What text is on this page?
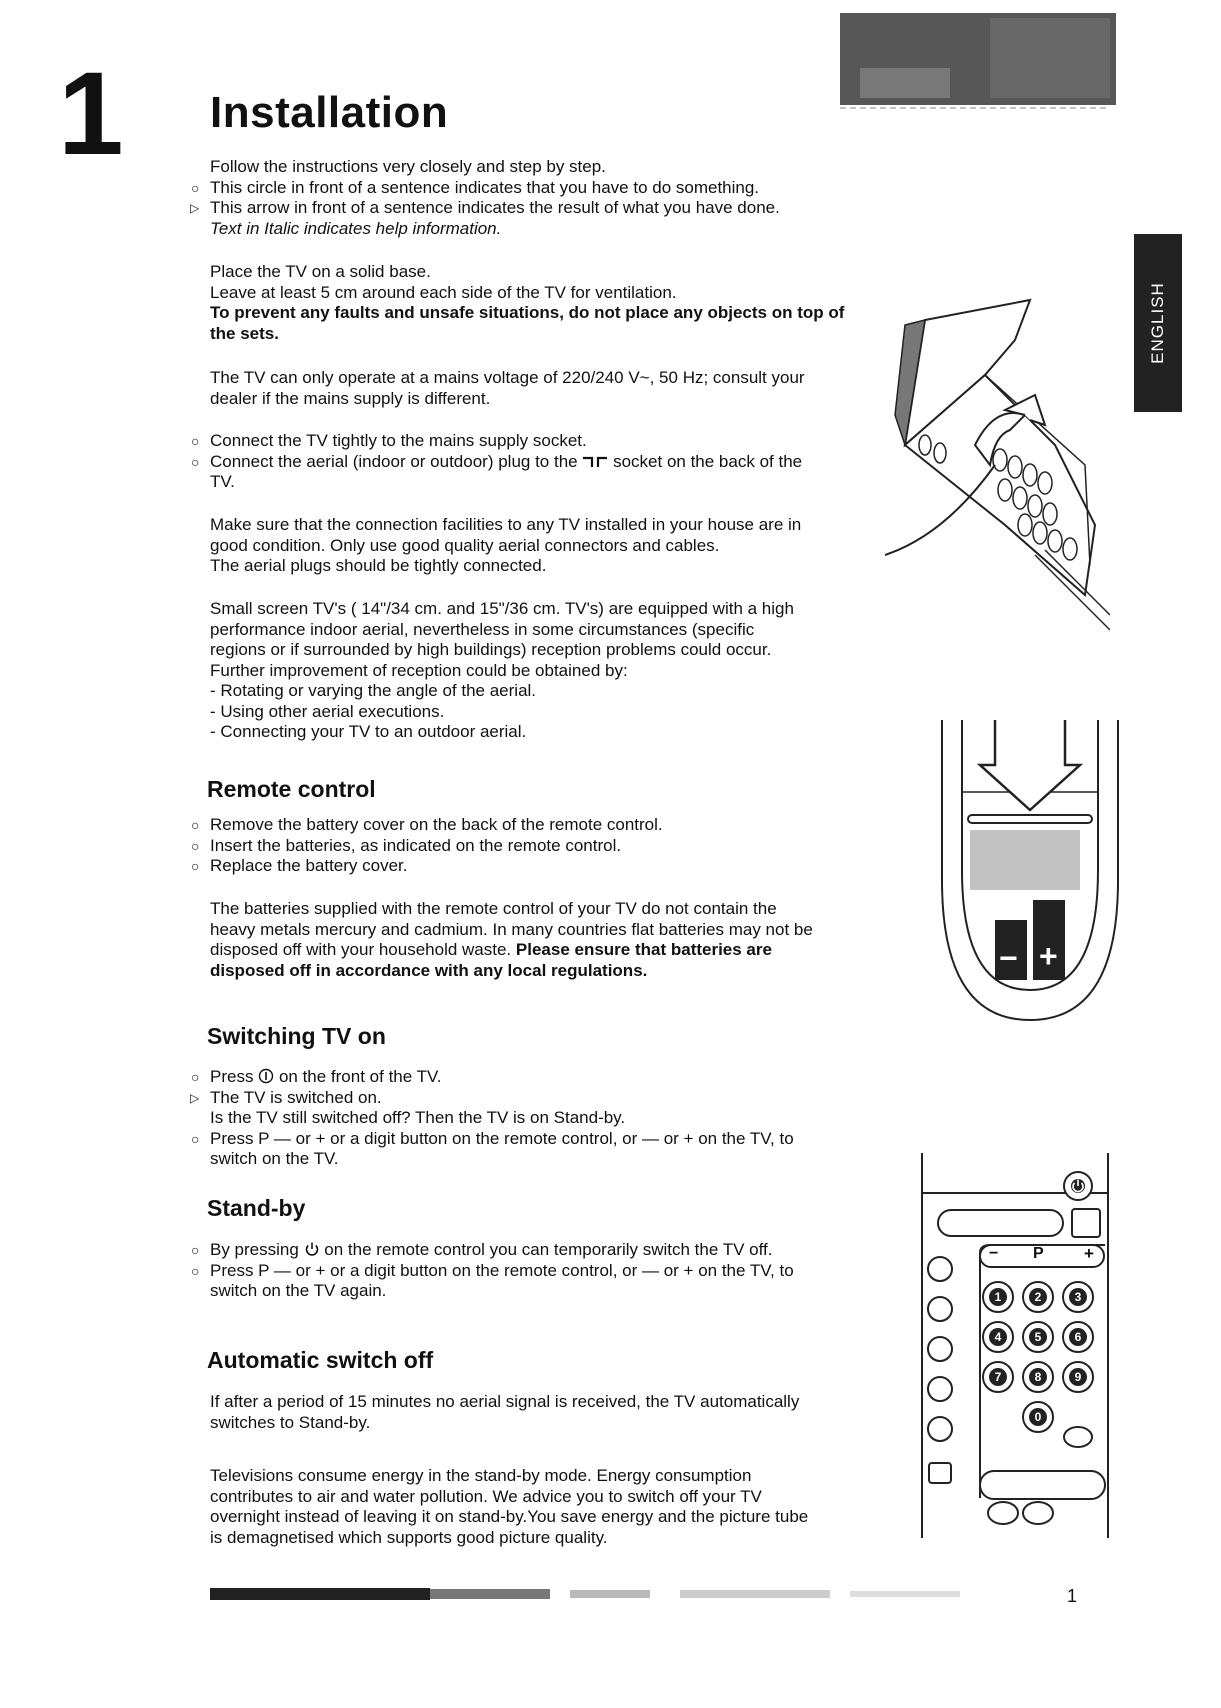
1 Installation
ENGLISH

Follow the instructions very closely and step by step.

○ This circle in front of a sentence indicates that you have to do something.

▷ This arrow in front of a sentence indicates the result of what you have done.

Text in Italic indicates help information.

Place the TV on a solid base.

Leave at least 5 cm around each side of the TV for ventilation.

To prevent any faults and unsafe situations, do not place any objects on top of

the sets.

The TV can only operate at a mains voltage of 220/240 V~, 50 Hz; consult your

dealer if the mains supply is different.

○ Connect the TV tightly to the mains supply socket.

○ Connect the aerial (indoor or outdoor) plug to the socket on the back of the

TV.

Make sure that the connection facilities to any TV installed in your house are in

good condition. Only use good quality aerial connectors and cables.

The aerial plugs should be tightly connected.

Small screen TV's ( 14"/34 cm. and 15"/36 cm. TV's) are equipped with a high

performance indoor aerial, nevertheless in some circumstances (specific

regions or if surrounded by high buildings) reception problems could occur.

Further improvement of reception could be obtained by:

- Rotating or varying the angle of the aerial.

- Using other aerial executions.

- Connecting your TV to an outdoor aerial.

Remote control

○ Remove the battery cover on the back of the remote control.

○ Insert the batteries, as indicated on the remote control.

○ Replace the battery cover.

The batteries supplied with the remote control of your TV do not contain the

heavy metals mercury and cadmium. In many countries flat batteries may not be

disposed off with your household waste. Please ensure that batteries are

disposed off in accordance with any local regulations.

Switching TV on

○ Press on the front of the TV.

▷ The TV is switched on.

Is the TV still switched off? Then the TV is on Stand-by.

○ Press P — or + or a digit button on the remote control, or — or + on the TV, to

switch on the TV.

Stand-by

○ By pressing on the remote control you can temporarily switch the TV off.

○ Press P — or + or a digit button on the remote control, or — or + on the TV, to

switch on the TV again.

Automatic switch off

If after a period of 15 minutes no aerial signal is received, the TV automatically

switches to Stand-by.

Televisions consume energy in the stand-by mode. Energy consumption

contributes to air and water pollution. We advice you to switch off your TV

overnight instead of leaving it on stand-by.You save energy and the picture tube

is demagnetised which supports good picture quality.

− +
− P +
1	2	3
4	5	6
7	8	9
0
1
